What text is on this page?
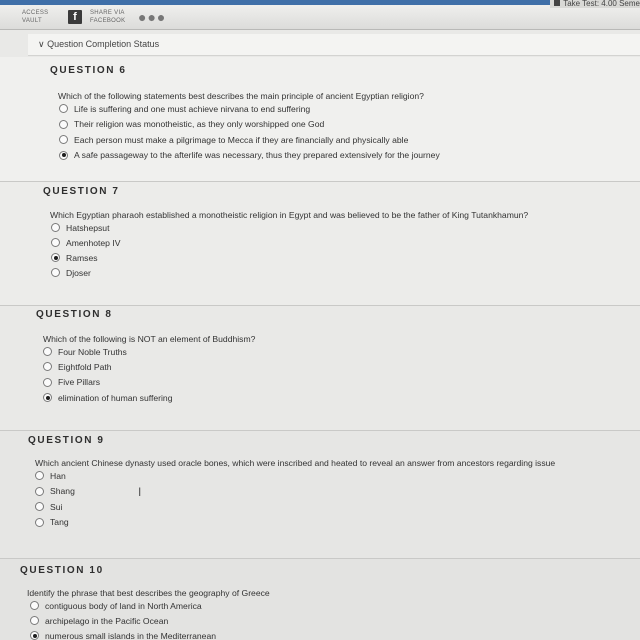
ACCESS
VAULT	f	SHARE VIA
FACEBOOK ●●●
Take Test: 4.00 Seme
∨ Question Completion Status
QUESTION 6
Which of the following statements best describes the main principle of ancient Egyptian religion?
Life is suffering and one must achieve nirvana to end suffering
Their religion was monotheistic, as they only worshipped one God
Each person must make a pilgrimage to Mecca if they are financially and physically able
A safe passageway to the afterlife was necessary, thus they prepared extensively for the journey
QUESTION 7
Which Egyptian pharaoh established a monotheistic religion in Egypt and was believed to be the father of King Tutankhamun?
Hatshepsut
Amenhotep IV
Ramses
Djoser
QUESTION 8
Which of the following is NOT an element of Buddhism?
Four Noble Truths
Eightfold Path
Five Pillars
elimination of human suffering
QUESTION 9
Which ancient Chinese dynasty used oracle bones, which were inscribed and heated to reveal an answer from ancestors regarding issue
Han
Shang
Sui
Tang
I
QUESTION 10
Identify the phrase that best describes the geography of Greece
contiguous body of land in North America
archipelago in the Pacific Ocean
numerous small islands in the Mediterranean
